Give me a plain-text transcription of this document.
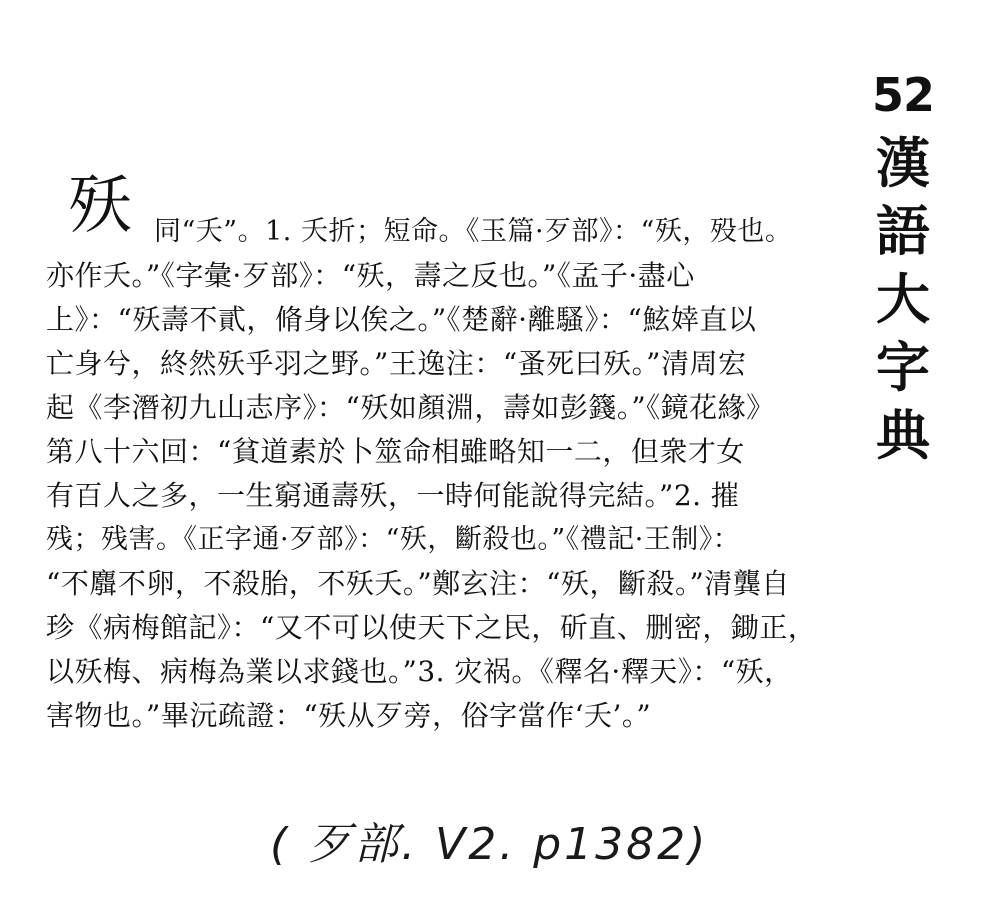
52
漢語大字典
殀 同“夭”。1. 夭折；短命。《玉篇·歹部》：“殀，殁也。
亦作夭。”《字彙·歹部》：“殀，壽之反也。”《孟子·盡心
上》：“殀壽不貳，脩身以俟之。”《楚辭·離騷》：“鮌婞直以
亡身兮，終然殀乎羽之野。”王逸注：“蚤死曰殀。”清周宏
起《李潛初九山志序》：“殀如顏淵，壽如彭籛。”《鏡花緣》
第八十六回：“貧道素於卜筮命相雖略知一二，但衆才女
有百人之多，一生窮通壽殀，一時何能說得完結。”2. 摧
残；残害。《正字通·歹部》：“殀，斷殺也。”《禮記·王制》：
“不麛不卵，不殺胎，不殀夭。”鄭玄注：“殀，斷殺。”清龔自
珍《病梅館記》：“又不可以使天下之民，斫直、删密，鋤正，
以殀梅、病梅為業以求錢也。”3. 灾祸。《釋名·釋天》：“殀，
害物也。”畢沅疏證：“殀从歹旁，俗字當作‘夭’。”
( 歹部. V2. p1382)
